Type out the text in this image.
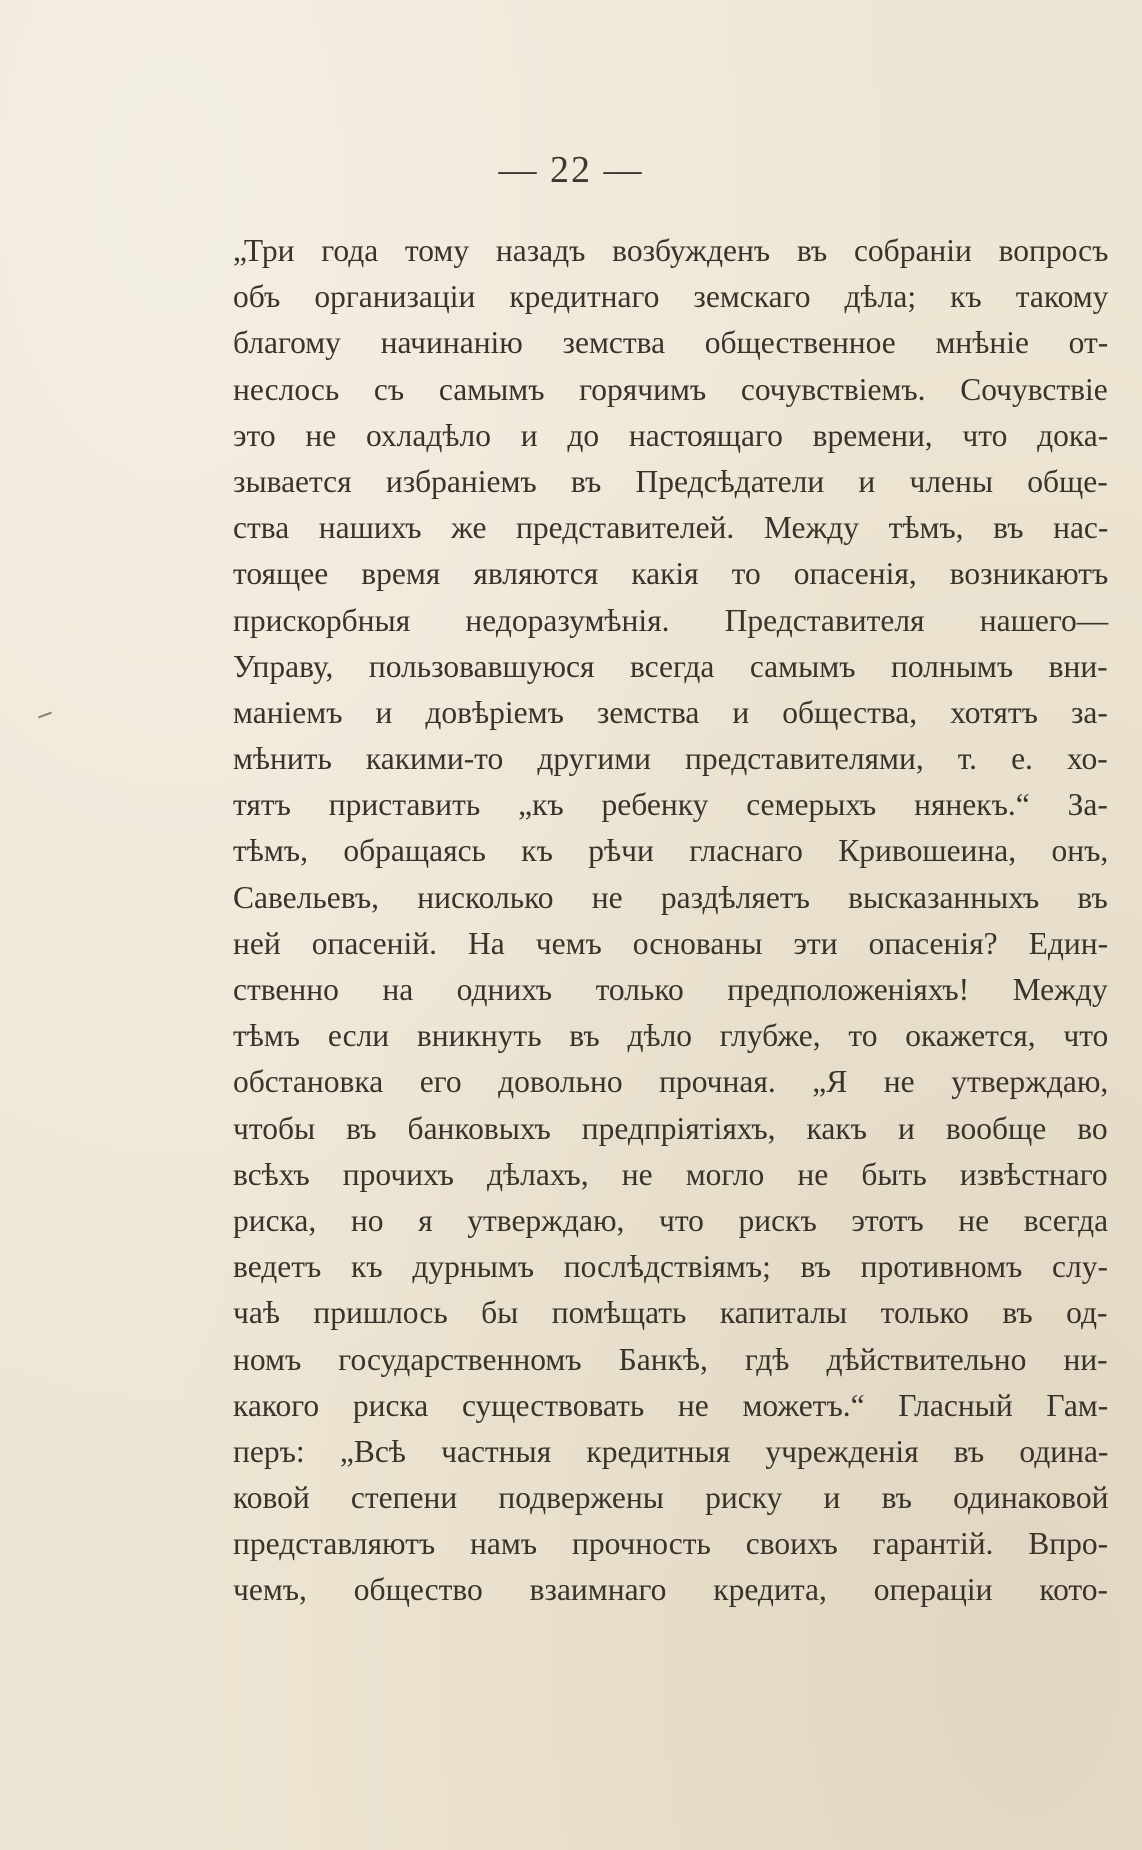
— 22 —
„Три года тому назадъ возбужденъ въ собранiи вопросъ
объ организацiи кредитнаго земскаго дѣла; къ такому
благому начинанiю земства общественное мнѣнiе от-
неслось съ самымъ горячимъ сочувствiемъ. Сочувствiе
это не охладѣло и до настоящаго времени, что дока-
зывается избранiемъ въ Предсѣдатели и члены обще-
ства нашихъ же представителей. Между тѣмъ, въ нас-
тоящее время являются какiя то опасенiя, возникаютъ
прискорбныя недоразумѣнiя. Представителя нашего—
Управу, пользовавшуюся всегда самымъ полнымъ вни-
манiемъ и довѣрiемъ земства и общества, хотятъ за-
мѣнить какими-то другими представителями, т. е. хо-
тятъ приставить „къ ребенку семерыхъ нянекъ.“ За-
тѣмъ, обращаясь къ рѣчи гласнаго Кривошеина, онъ,
Савельевъ, нисколько не раздѣляетъ высказанныхъ въ
ней опасенiй. На чемъ основаны эти опасенiя? Един-
ственно на однихъ только предположенiяхъ! Между
тѣмъ если вникнуть въ дѣло глубже, то окажется, что
обстановка его довольно прочная. „Я не утверждаю,
чтобы въ банковыхъ предпрiятiяхъ, какъ и вообще во
всѣхъ прочихъ дѣлахъ, не могло не быть извѣстнаго
риска, но я утверждаю, что рискъ этотъ не всегда
ведетъ къ дурнымъ послѣдствiямъ; въ противномъ слу-
чаѣ пришлось бы помѣщать капиталы только въ од-
номъ государственномъ Банкѣ, гдѣ дѣйствительно ни-
какого риска существовать не можетъ.“ Гласный Гам-
перъ: „Всѣ частныя кредитныя учрежденiя въ одина-
ковой степени подвержены риску и въ одинаковой
представляютъ намъ прочность своихъ гарантiй. Впро-
чемъ, общество взаимнаго кредита, операцiи кото-
